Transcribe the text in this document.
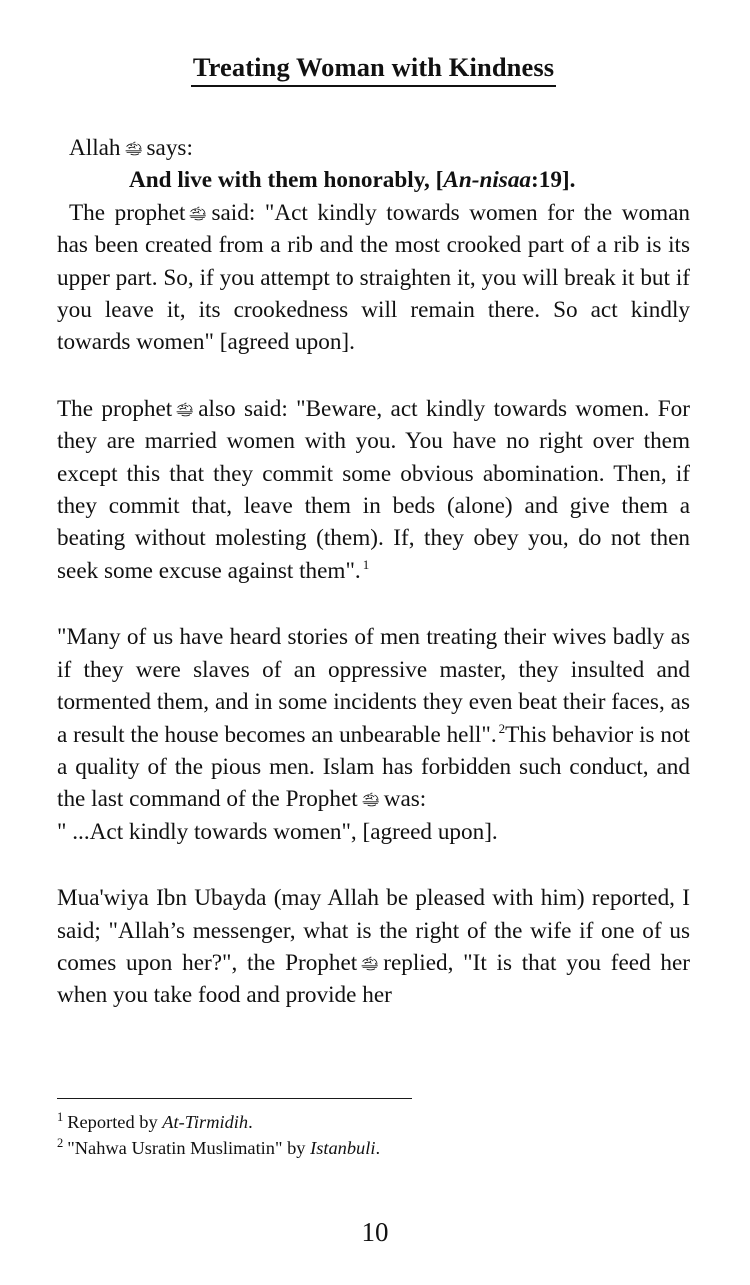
Treating Woman with Kindness

Allah says:

And live with them honorably, [An-nisaa:19].

The prophet said: "Act kindly towards women for the woman has been created from a rib and the most crooked part of a rib is its upper part. So, if you attempt to straighten it, you will break it but if you leave it, its crookedness will remain there. So act kindly towards women" [agreed upon].

The prophet also said: "Beware, act kindly towards women. For they are married women with you. You have no right over them except this that they commit some obvious abomination. Then, if they commit that, leave them in beds (alone) and give them a beating without molesting (them). If, they obey you, do not then seek some excuse against them". $^1$

"Many of us have heard stories of men treating their wives badly as if they were slaves of an oppressive master, they insulted and tormented them, and in some incidents they even beat their faces, as a result the house becomes an unbearable hell". $^2$This behavior is not a quality of the pious men. Islam has forbidden such conduct, and the last command of the Prophet was:

" ...Act kindly towards women", [agreed upon].

Mua'wiya Ibn Ubayda (may Allah be pleased with him) reported, I said; "Allah’s messenger, what is the right of the wife if one of us comes upon her?", the Prophet replied, "It is that you feed her when you take food and provide her

$^1$ Reported by At-Tirmidih.

$^2$ "Nahwa Usratin Muslimatin" by Istanbuli.

10
